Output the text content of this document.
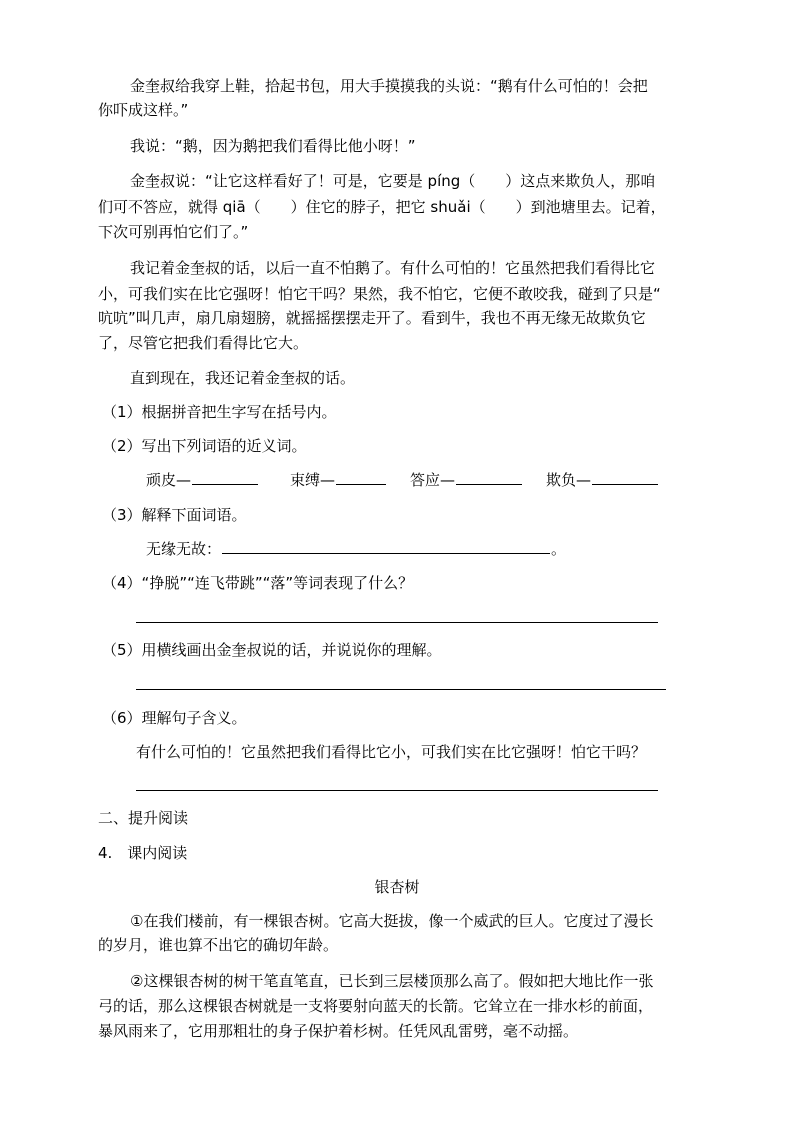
金奎叔给我穿上鞋，拾起书包，用大手摸摸我的头说：“鹅有什么可怕的！会把
你吓成这样。”
我说：“鹅，因为鹅把我们看得比他小呀！”
金奎叔说：“让它这样看好了！可是，它要是 píng（　　）这点来欺负人，那咱
们可不答应，就得 qiā（　　）住它的脖子，把它 shuǎi（　　）到池塘里去。记着，
下次可别再怕它们了。”
我记着金奎叔的话，以后一直不怕鹅了。有什么可怕的！它虽然把我们看得比它
小，可我们实在比它强呀！怕它干吗？果然，我不怕它，它便不敢咬我，碰到了只是“
吭吭”叫几声，扇几扇翅膀，就摇摇摆摆走开了。看到牛，我也不再无缘无故欺负它
了，尽管它把我们看得比它大。
直到现在，我还记着金奎叔的话。
（1）根据拼音把生字写在括号内。
（2）写出下列词语的近义词。
顽皮—	束缚—	答应—	欺负—
（3）解释下面词语。
无缘无故：	。
（4）“挣脱”“连飞带跳”“落”等词表现了什么？
（5）用横线画出金奎叔说的话，并说说你的理解。
（6）理解句子含义。
有什么可怕的！它虽然把我们看得比它小，可我们实在比它强呀！怕它干吗？
二、提升阅读
4.　课内阅读
银杏树
①在我们楼前，有一棵银杏树。它高大挺拔，像一个威武的巨人。它度过了漫长
的岁月，谁也算不出它的确切年龄。
②这棵银杏树的树干笔直笔直，已长到三层楼顶那么高了。假如把大地比作一张
弓的话，那么这棵银杏树就是一支将要射向蓝天的长箭。它耸立在一排水杉的前面，
暴风雨来了，它用那粗壮的身子保护着杉树。任凭风乱雷劈，毫不动摇。
